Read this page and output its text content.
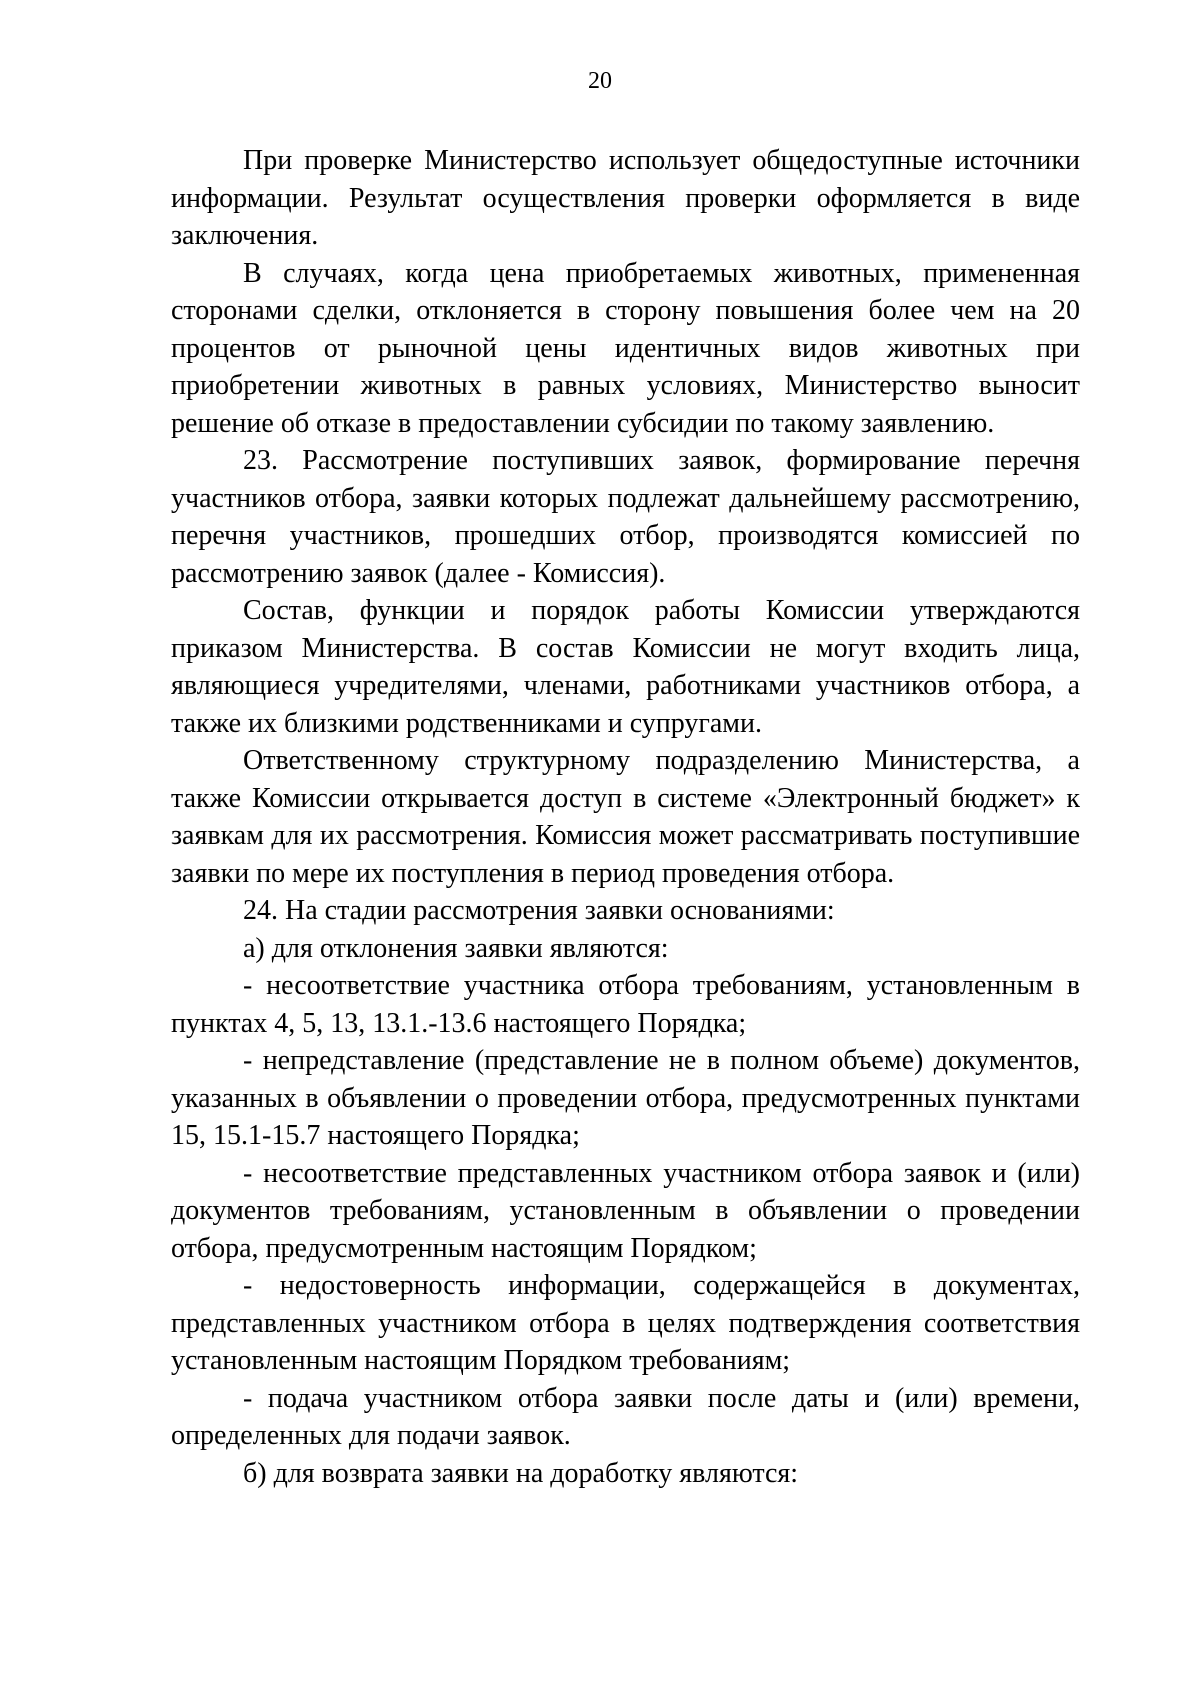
20

При проверке Министерство использует общедоступные источники информации. Результат осуществления проверки оформляется в виде заключения.

В случаях, когда цена приобретаемых животных, примененная сторонами сделки, отклоняется в сторону повышения более чем на 20 процентов от рыночной цены идентичных видов животных при приобретении животных в равных условиях, Министерство выносит решение об отказе в предоставлении субсидии по такому заявлению.

23. Рассмотрение поступивших заявок, формирование перечня участников отбора, заявки которых подлежат дальнейшему рассмотрению, перечня участников, прошедших отбор, производятся комиссией по рассмотрению заявок (далее - Комиссия).

Состав, функции и порядок работы Комиссии утверждаются приказом Министерства. В состав Комиссии не могут входить лица, являющиеся учредителями, членами, работниками участников отбора, а также их близкими родственниками и супругами.

Ответственному структурному подразделению Министерства, а также Комиссии открывается доступ в системе «Электронный бюджет» к заявкам для их рассмотрения. Комиссия может рассматривать поступившие заявки по мере их поступления в период проведения отбора.

24. На стадии рассмотрения заявки основаниями:

а) для отклонения заявки являются:

- несоответствие участника отбора требованиям, установленным в пунктах 4, 5, 13, 13.1.-13.6 настоящего Порядка;

- непредставление (представление не в полном объеме) документов, указанных в объявлении о проведении отбора, предусмотренных пунктами 15, 15.1-15.7 настоящего Порядка;

- несоответствие представленных участником отбора заявок и (или) документов требованиям, установленным в объявлении о проведении отбора, предусмотренным настоящим Порядком;

- недостоверность информации, содержащейся в документах, представленных участником отбора в целях подтверждения соответствия установленным настоящим Порядком требованиям;

- подача участником отбора заявки после даты и (или) времени, определенных для подачи заявок.

б) для возврата заявки на доработку являются:
